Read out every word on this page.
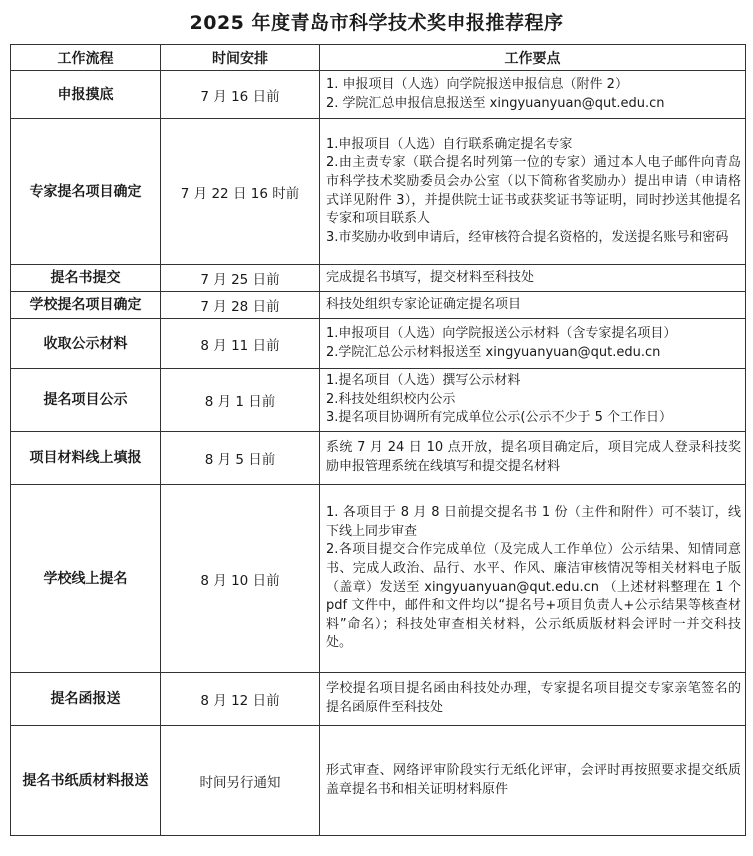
2025 年度青岛市科学技术奖申报推荐程序
工作流程	时间安排	工作要点
申报摸底	7 月 16 日前	1. 申报项目（人选）向学院报送申报信息（附件 2）
2. 学院汇总申报信息报送至 xingyuanyuan@qut.edu.cn

专家提名项目确定	7 月 22 日 16 时前	1.申报项目（人选）自行联系确定提名专家
2.由主责专家（联合提名时列第一位的专家）通过本人电子邮件向青岛市科学技术奖励委员会办公室（以下简称省奖励办）提出申请（申请格式详见附件 3），并提供院士证书或获奖证书等证明，同时抄送其他提名专家和项目联系人
3.市奖励办收到申请后，经审核符合提名资格的，发送提名账号和密码

提名书提交	7 月 25 日前	完成提名书填写，提交材料至科技处

学校提名项目确定	7 月 28 日前	科技处组织专家论证确定提名项目

收取公示材料	8 月 11 日前	1.申报项目（人选）向学院报送公示材料（含专家提名项目）
2.学院汇总公示材料报送至 xingyuanyuan@qut.edu.cn

提名项目公示	8 月 1 日前	1.提名项目（人选）撰写公示材料
2.科技处组织校内公示
3.提名项目协调所有完成单位公示(公示不少于 5 个工作日）

项目材料线上填报	8 月 5 日前	系统 7 月 24 日 10 点开放，提名项目确定后，项目完成人登录科技奖励申报管理系统在线填写和提交提名材料

学校线上提名	8 月 10 日前	1. 各项目于 8 月 8 日前提交提名书 1 份（主件和附件）可不装订，线下线上同步审查
2.各项目提交合作完成单位（及完成人工作单位）公示结果、知情同意书、完成人政治、品行、水平、作风、廉洁审核情况等相关材料电子版（盖章）发送至 xingyuanyuan@qut.edu.cn （上述材料整理在 1 个 pdf 文件中，邮件和文件均以“提名号+项目负责人+公示结果等核查材料”命名）；科技处审查相关材料，公示纸质版材料会评时一并交科技处。

提名函报送	8 月 12 日前	学校提名项目提名函由科技处办理，专家提名项目提交专家亲笔签名的提名函原件至科技处

提名书纸质材料报送	时间另行通知	形式审查、网络评审阶段实行无纸化评审，会评时再按照要求提交纸质盖章提名书和相关证明材料原件
